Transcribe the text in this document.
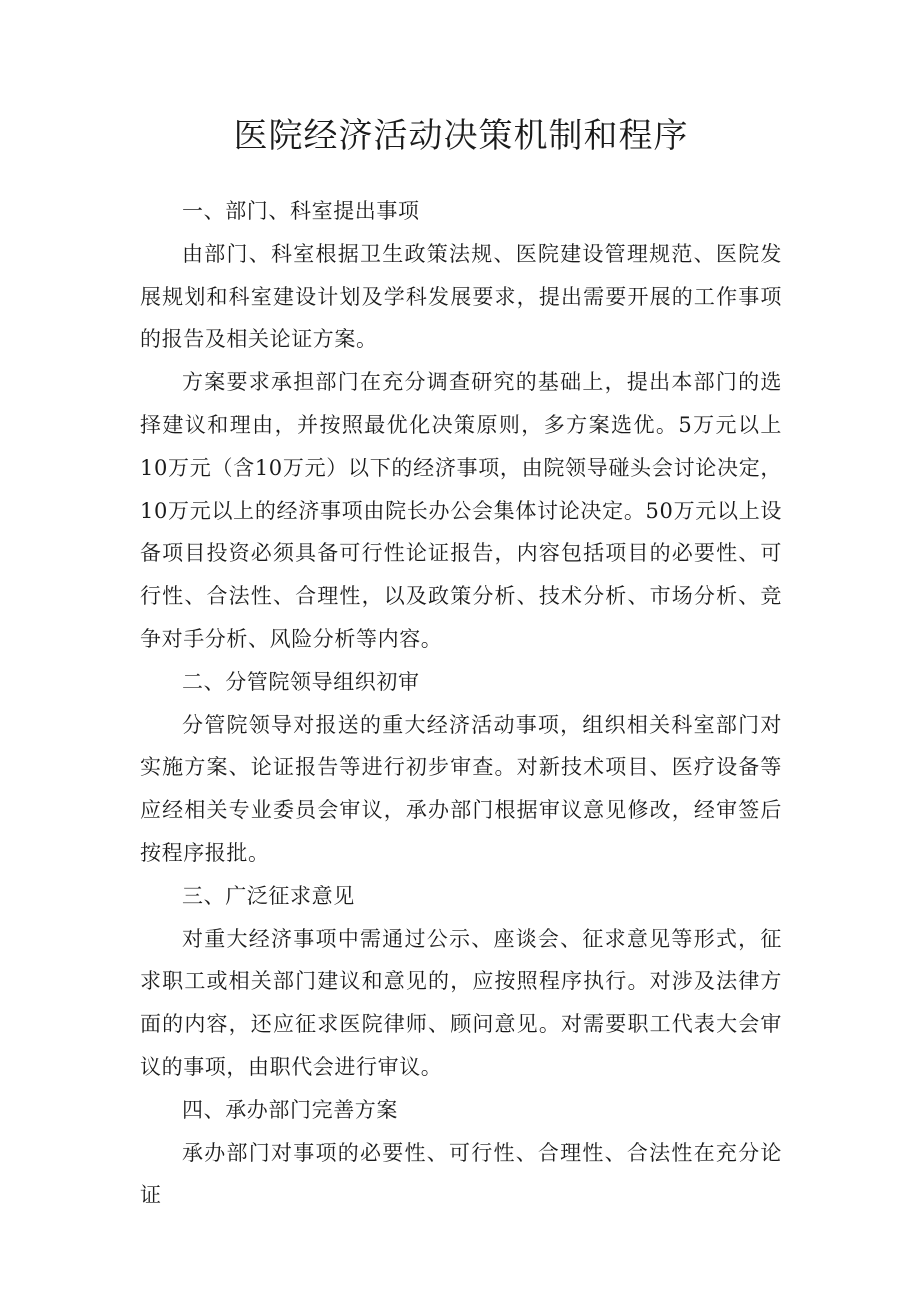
医院经济活动决策机制和程序

一、部门、科室提出事项

由部门、科室根据卫生政策法规、医院建设管理规范、医院发展规划和科室建设计划及学科发展要求，提出需要开展的工作事项的报告及相关论证方案。

方案要求承担部门在充分调查研究的基础上，提出本部门的选择建议和理由，并按照最优化决策原则，多方案选优。5万元以上10万元（含10万元）以下的经济事项，由院领导碰头会讨论决定，10万元以上的经济事项由院长办公会集体讨论决定。50万元以上设备项目投资必须具备可行性论证报告，内容包括项目的必要性、可行性、合法性、合理性，以及政策分析、技术分析、市场分析、竞争对手分析、风险分析等内容。

二、分管院领导组织初审

分管院领导对报送的重大经济活动事项，组织相关科室部门对实施方案、论证报告等进行初步审查。对新技术项目、医疗设备等应经相关专业委员会审议，承办部门根据审议意见修改，经审签后按程序报批。

三、广泛征求意见

对重大经济事项中需通过公示、座谈会、征求意见等形式，征求职工或相关部门建议和意见的，应按照程序执行。对涉及法律方面的内容，还应征求医院律师、顾问意见。对需要职工代表大会审议的事项，由职代会进行审议。

四、承办部门完善方案

承办部门对事项的必要性、可行性、合理性、合法性在充分论证
